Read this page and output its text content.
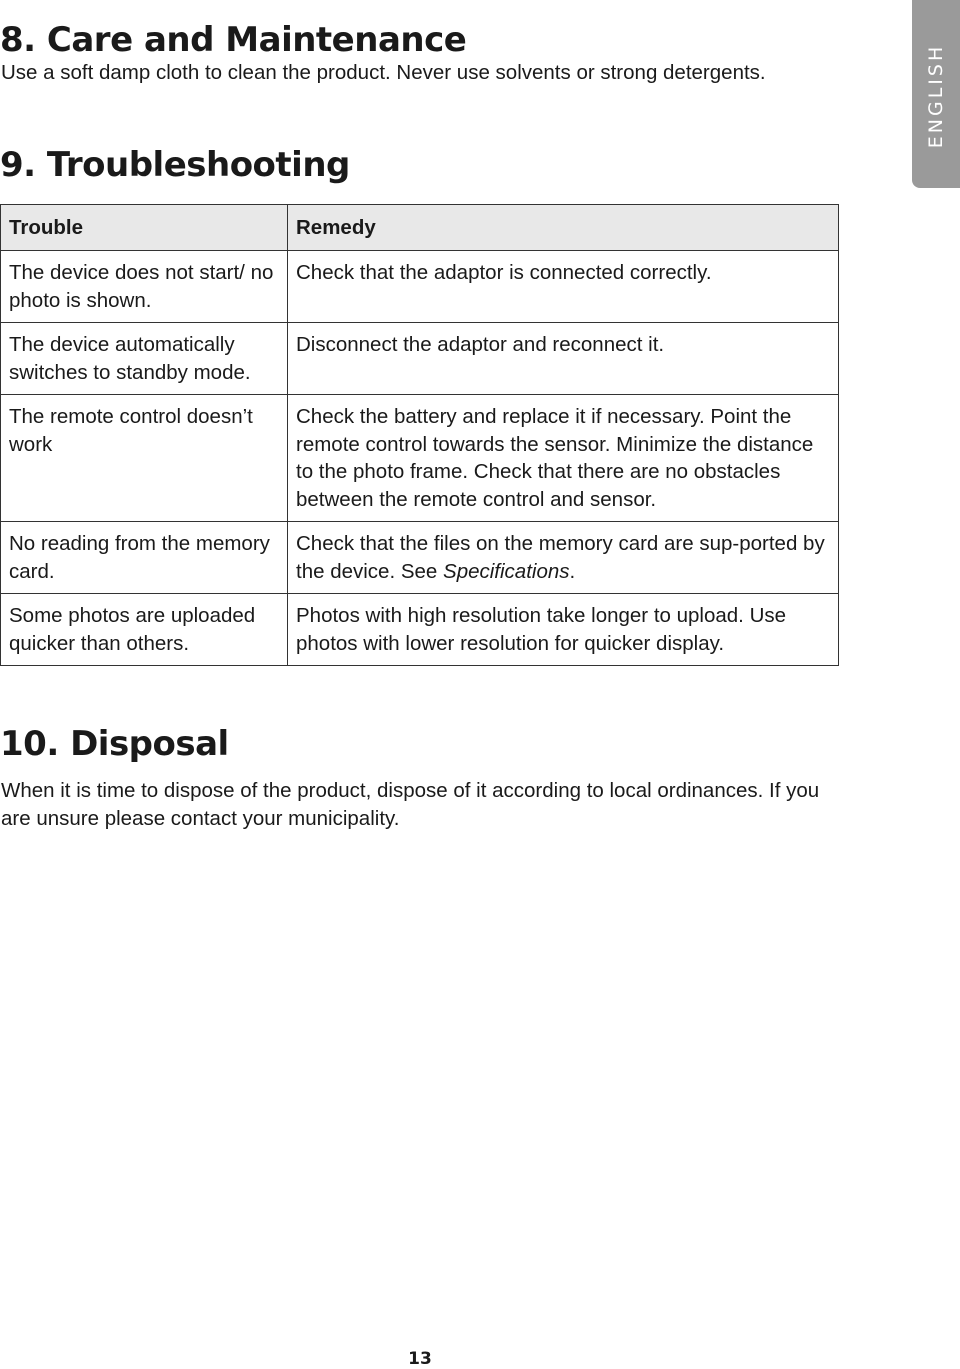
ENGLISH
8. Care and Maintenance

Use a soft damp cloth to clean the product. Never use solvents or strong detergents.

9. Troubleshooting
Trouble	Remedy
The device does not start/ no photo is shown.	Check that the adaptor is connected correctly.
The device automatically switches to standby mode.	Disconnect the adaptor and reconnect it.
The remote control doesn’t work	Check the battery and replace it if necessary. Point the remote control towards the sensor. Minimize the distance to the photo frame. Check that there are no obstacles between the remote control and sensor.
No reading from the memory card.	Check that the files on the memory card are sup-ported by the device. See Specifications.
Some photos are uploaded quicker than others.	Photos with high resolution take longer to upload. Use photos with lower resolution for quicker display.
10. Disposal

When it is time to dispose of the product, dispose of it according to local ordinances. If you are unsure please contact your municipality.

13
